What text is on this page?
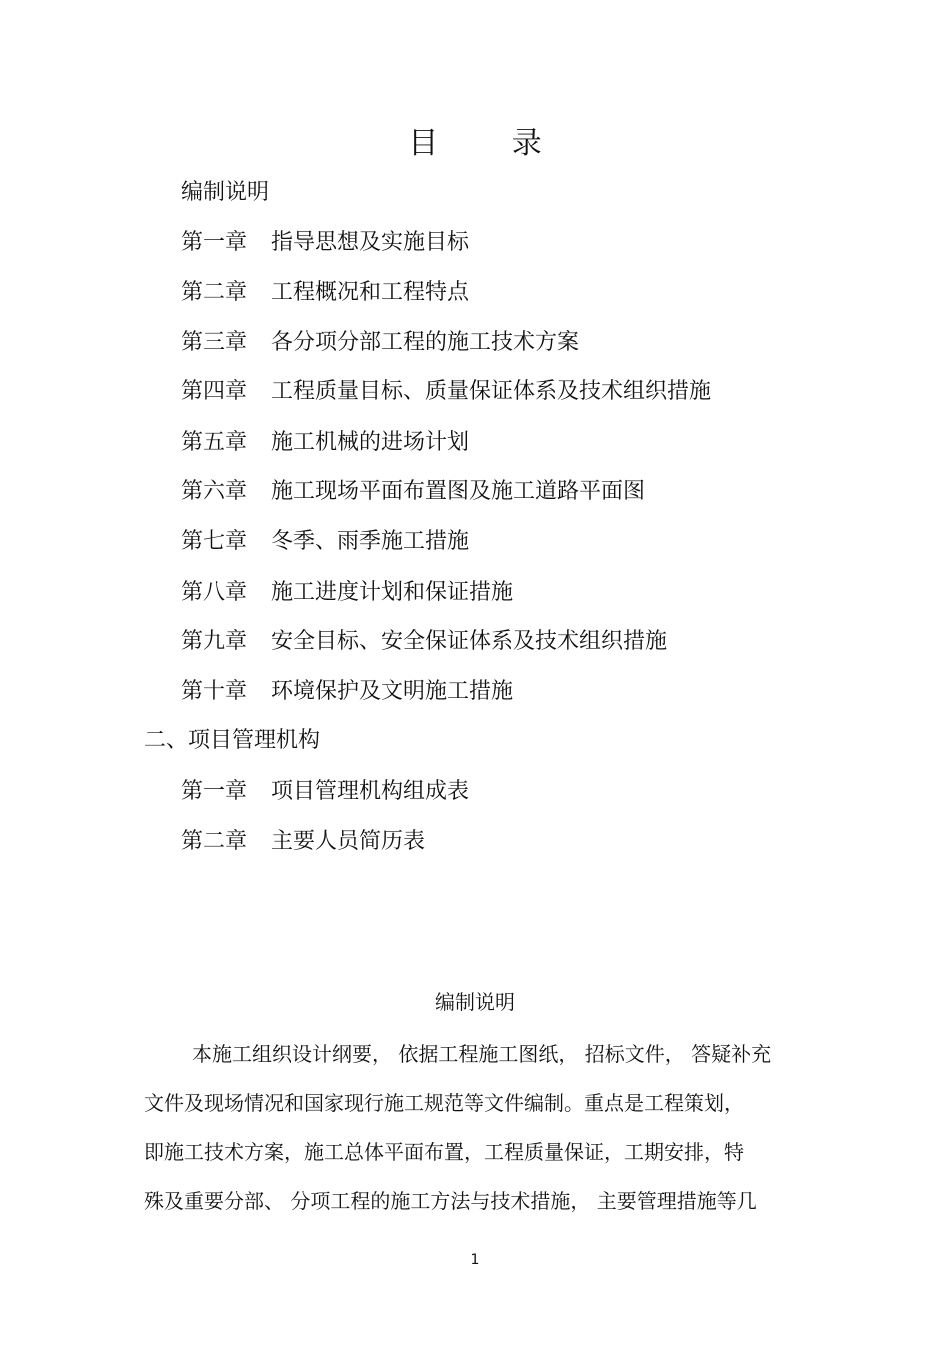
目 录
编制说明
第一章 指导思想及实施目标
第二章 工程概况和工程特点
第三章 各分项分部工程的施工技术方案
第四章 工程质量目标、质量保证体系及技术组织措施
第五章 施工机械的进场计划
第六章 施工现场平面布置图及施工道路平面图
第七章 冬季、雨季施工措施
第八章 施工进度计划和保证措施
第九章 安全目标、安全保证体系及技术组织措施
第十章 环境保护及文明施工措施
二、项目管理机构
第一章 项目管理机构组成表
第二章 主要人员简历表
编制说明
本施工组织设计纲要， 依据工程施工图纸， 招标文件， 答疑补充
文件及现场情况和国家现行施工规范等文件编制。重点是工程策划，
即施工技术方案，施工总体平面布置，工程质量保证，工期安排，特
殊及重要分部、 分项工程的施工方法与技术措施， 主要管理措施等几
1
